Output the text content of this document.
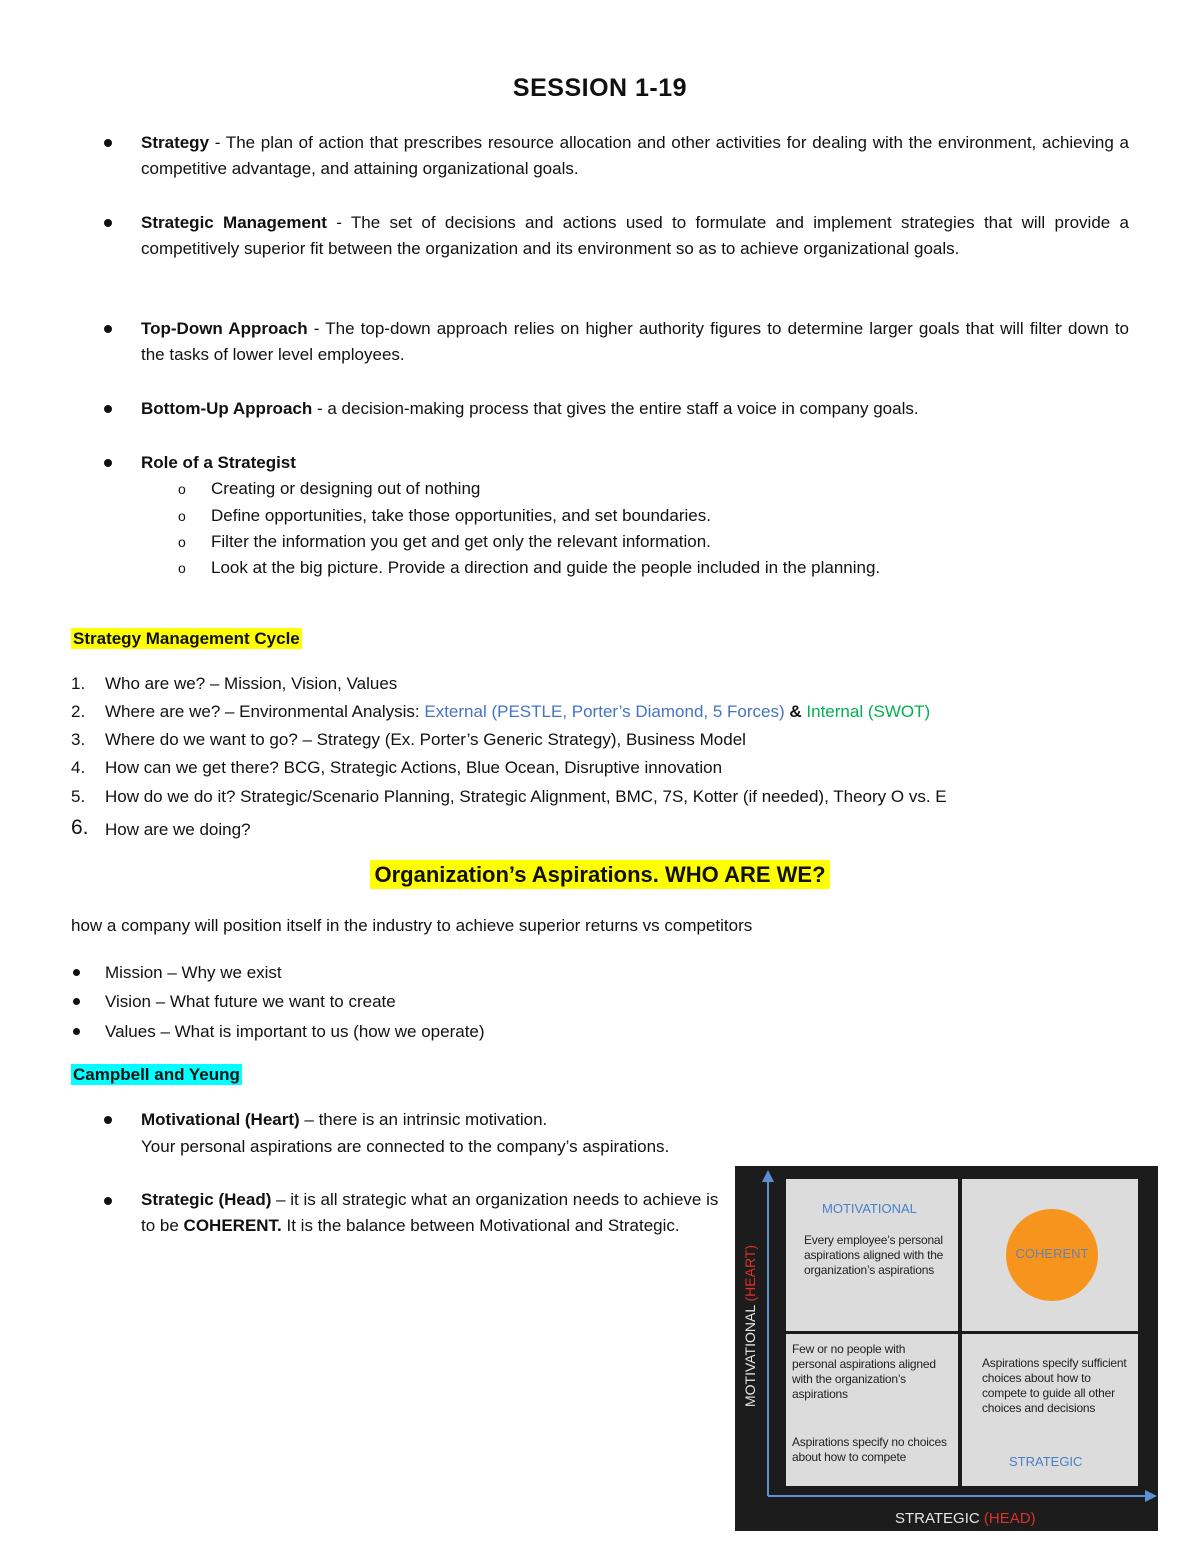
SESSION 1-19
Strategy - The plan of action that prescribes resource allocation and other activities for dealing with the environment, achieving a competitive advantage, and attaining organizational goals.
Strategic Management - The set of decisions and actions used to formulate and implement strategies that will provide a competitively superior fit between the organization and its environment so as to achieve organizational goals.
Top-Down Approach - The top-down approach relies on higher authority figures to determine larger goals that will filter down to the tasks of lower level employees.
Bottom-Up Approach - a decision-making process that gives the entire staff a voice in company goals.
Role of a Strategist
o	Creating or designing out of nothing
o	Define opportunities, take those opportunities, and set boundaries.
o	Filter the information you get and get only the relevant information.
o	Look at the big picture. Provide a direction and guide the people included in the planning.
Strategy Management Cycle
1. Who are we? – Mission, Vision, Values
2. Where are we? – Environmental Analysis: External (PESTLE, Porter’s Diamond, 5 Forces) & Internal (SWOT)
3. Where do we want to go? – Strategy (Ex. Porter’s Generic Strategy), Business Model
4. How can we get there? BCG, Strategic Actions, Blue Ocean, Disruptive innovation
5. How do we do it? Strategic/Scenario Planning, Strategic Alignment, BMC, 7S, Kotter (if needed), Theory O vs. E
6. How are we doing?
Organization’s Aspirations. WHO ARE WE?
how a company will position itself in the industry to achieve superior returns vs competitors
Mission – Why we exist
Vision – What future we want to create
Values – What is important to us (how we operate)
Campbell and Yeung
Motivational (Heart) – there is an intrinsic motivation.
Your personal aspirations are connected to the company’s aspirations.
Strategic (Head) – it is all strategic what an organization needs to achieve is to be COHERENT. It is the balance between Motivational and Strategic.
MOTIVATIONAL (HEART)
STRATEGIC (HEAD)
MOTIVATIONAL
Every employee’s personal aspirations aligned with the organization’s aspirations
COHERENT
Few or no people with personal aspirations aligned with the organization’s aspirations
Aspirations specify no choices about how to compete
Aspirations specify sufficient choices about how to compete to guide all other choices and decisions
STRATEGIC
